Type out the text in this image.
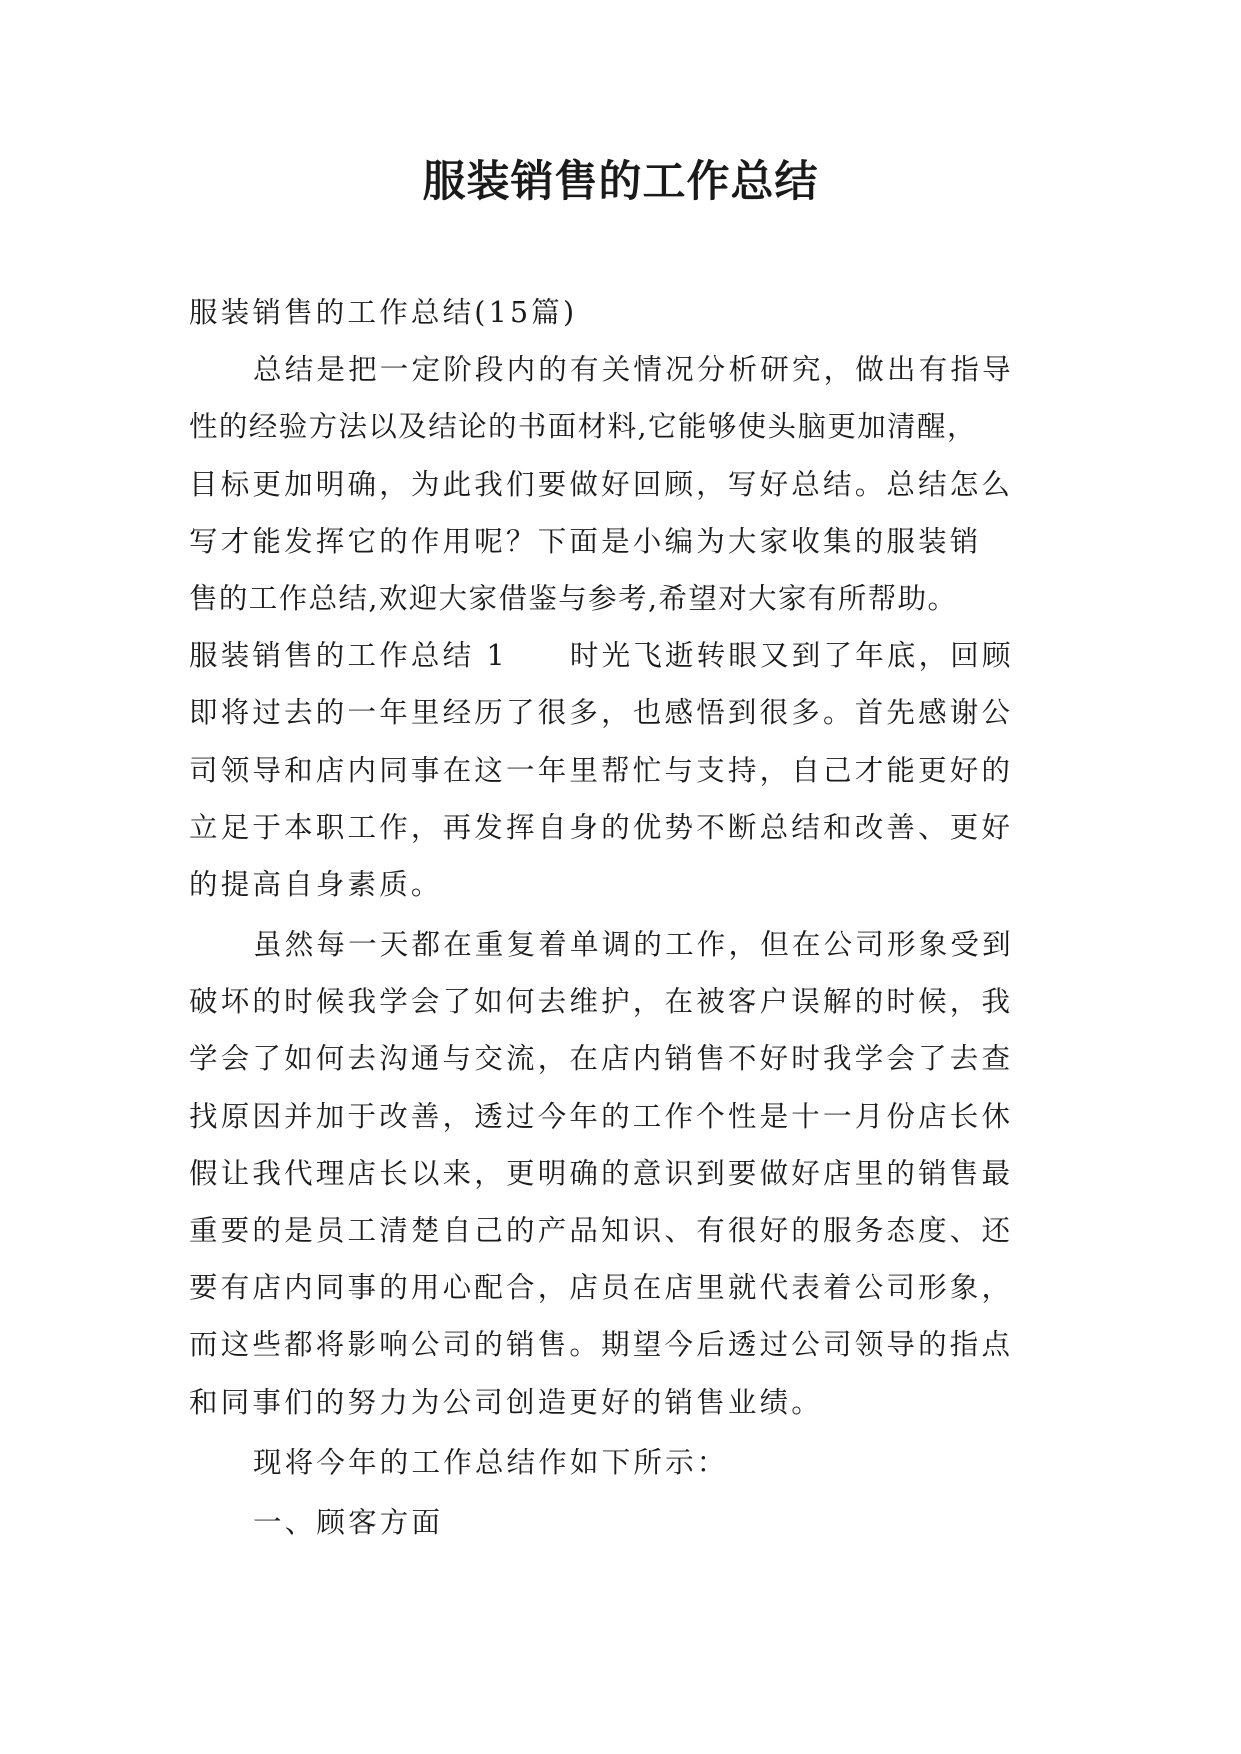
服装销售的工作总结
服装销售的工作总结(15篇)
总结是把一定阶段内的有关情况分析研究，做出有指导
性的经验方法以及结论的书面材料,它能够使头脑更加清醒，
目标更加明确，为此我们要做好回顾，写好总结。总结怎么
写才能发挥它的作用呢？下面是小编为大家收集的服装销
售的工作总结,欢迎大家借鉴与参考,希望对大家有所帮助。
服装销售的工作总结 1 时光飞逝转眼又到了年底，回顾
即将过去的一年里经历了很多，也感悟到很多。首先感谢公
司领导和店内同事在这一年里帮忙与支持，自己才能更好的
立足于本职工作，再发挥自身的优势不断总结和改善、更好
的提高自身素质。
虽然每一天都在重复着单调的工作，但在公司形象受到
破坏的时候我学会了如何去维护，在被客户误解的时候，我
学会了如何去沟通与交流，在店内销售不好时我学会了去查
找原因并加于改善，透过今年的工作个性是十一月份店长休
假让我代理店长以来，更明确的意识到要做好店里的销售最
重要的是员工清楚自己的产品知识、有很好的服务态度、还
要有店内同事的用心配合，店员在店里就代表着公司形象，
而这些都将影响公司的销售。期望今后透过公司领导的指点
和同事们的努力为公司创造更好的销售业绩。
现将今年的工作总结作如下所示：
一、顾客方面
